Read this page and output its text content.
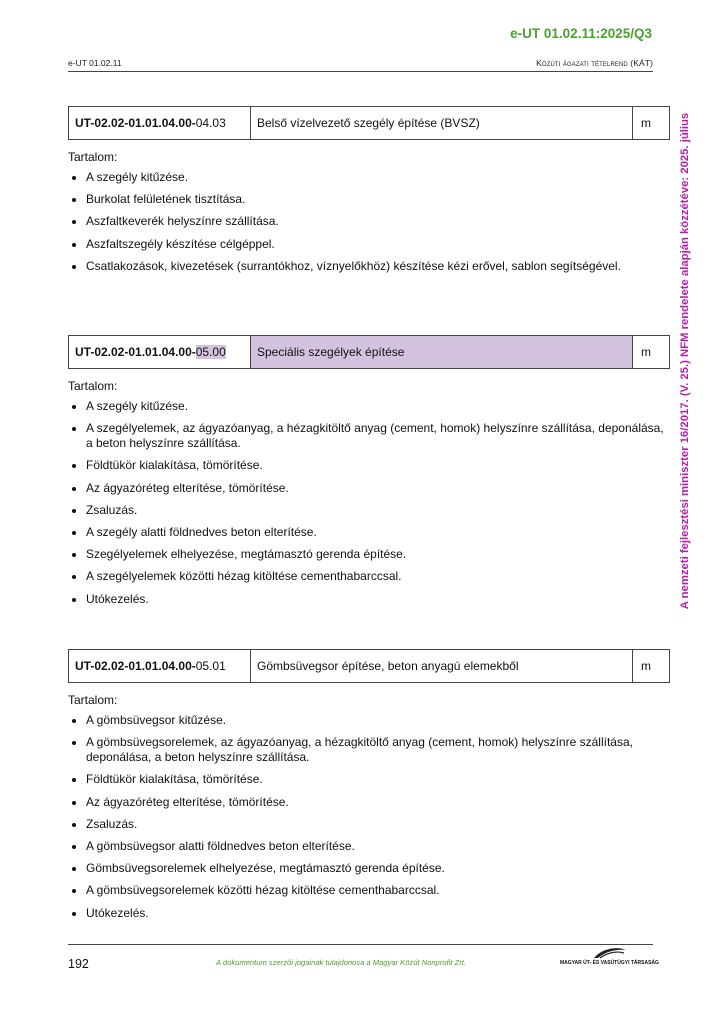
e-UT 01.02.11:2025/Q3
e-UT 01.02.11	Közúti ágazati tételrend (KÁT)
A nemzeti fejlesztési miniszter 16/2017. (V. 25.) NFM rendelete alapján közzétéve: 2025. július
UT-02.02-01.01.04.00- 04.03	Belső vízelvezető szegély építése (BVSZ)	m
Tartalom:
• A szegély kitűzése.
• Burkolat felületének tisztítása.
• Aszfaltkeverék helyszínre szállítása.
• Aszfaltszegély készítése célgéppel.
• Csatlakozások, kivezetések (surrantókhoz, víznyelőkhöz) készítése kézi erővel, sablon segítségével.
UT-02.02-01.01.04.00- 05.00	Speciális szegélyek építése	m
Tartalom:
• A szegély kitűzése.
• A szegélyelemek, az ágyazóanyag, a hézagkitöltő anyag (cement, homok) helyszínre szállítása, deponálása, a beton helyszínre szállítása.
• Földtükör kialakítása, tömörítése.
• Az ágyazóréteg elterítése, tömörítése.
• Zsaluzás.
• A szegély alatti földnedves beton elterítése.
• Szegélyelemek elhelyezése, megtámasztó gerenda építése.
• A szegélyelemek közötti hézag kitöltése cementhabarccsal.
• Utókezelés.
UT-02.02-01.01.04.00- 05.01	Gömbsüvegsor építése, beton anyagú elemekből	m
Tartalom:
• A gömbsüvegsor kitűzése.
• A gömbsüvegsorelemek, az ágyazóanyag, a hézagkitöltő anyag (cement, homok) helyszínre szállítása, deponálása, a beton helyszínre szállítása.
• Földtükör kialakítása, tömörítése.
• Az ágyazóréteg elterítése, tömörítése.
• Zsaluzás.
• A gömbsüvegsor alatti földnedves beton elterítése.
• Gömbsüvegsorelemek elhelyezése, megtámasztó gerenda építése.
• A gömbsüvegsorelemek közötti hézag kitöltése cementhabarccsal.
• Utókezelés.
192	A dokumentum szerzői jogainak tulajdonosa a Magyar Közút Nonprofit Zrt.	MAGYAR ÚT- ÉS VASÚTÜGYI TÁRSASÁG
